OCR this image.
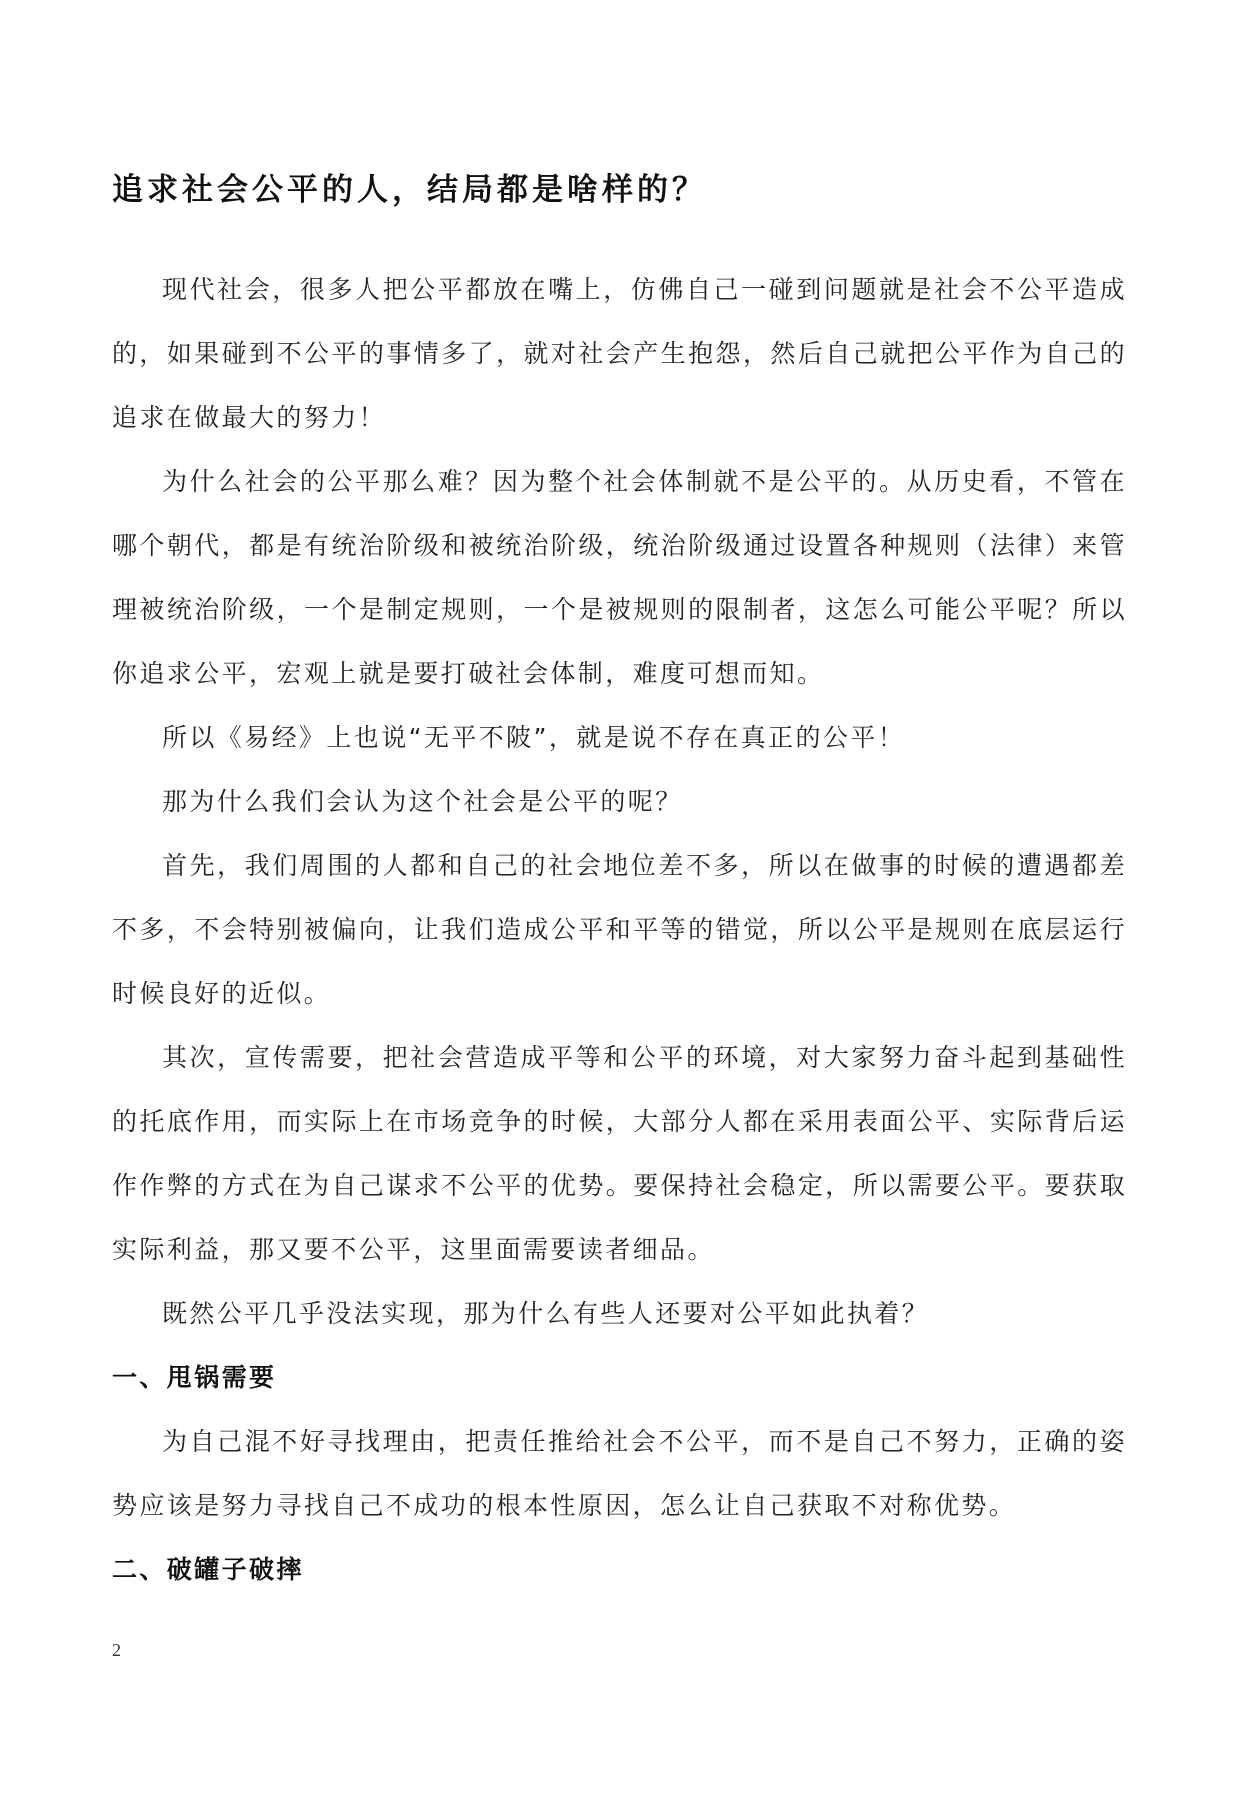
追求社会公平的人，结局都是啥样的？

现代社会，很多人把公平都放在嘴上，仿佛自己一碰到问题就是社会不公平造成的，如果碰到不公平的事情多了，就对社会产生抱怨，然后自己就把公平作为自己的追求在做最大的努力！

为什么社会的公平那么难？因为整个社会体制就不是公平的。从历史看，不管在哪个朝代，都是有统治阶级和被统治阶级，统治阶级通过设置各种规则（法律）来管理被统治阶级，一个是制定规则，一个是被规则的限制者，这怎么可能公平呢？所以你追求公平，宏观上就是要打破社会体制，难度可想而知。

所以《易经》上也说“无平不陂”，就是说不存在真正的公平！

那为什么我们会认为这个社会是公平的呢？

首先，我们周围的人都和自己的社会地位差不多，所以在做事的时候的遭遇都差不多，不会特别被偏向，让我们造成公平和平等的错觉，所以公平是规则在底层运行时候良好的近似。

其次，宣传需要，把社会营造成平等和公平的环境，对大家努力奋斗起到基础性的托底作用，而实际上在市场竞争的时候，大部分人都在采用表面公平、实际背后运作作弊的方式在为自己谋求不公平的优势。要保持社会稳定，所以需要公平。要获取实际利益，那又要不公平，这里面需要读者细品。

既然公平几乎没法实现，那为什么有些人还要对公平如此执着？

一、甩锅需要

为自己混不好寻找理由，把责任推给社会不公平，而不是自己不努力，正确的姿势应该是努力寻找自己不成功的根本性原因，怎么让自己获取不对称优势。

二、破罐子破摔
2
